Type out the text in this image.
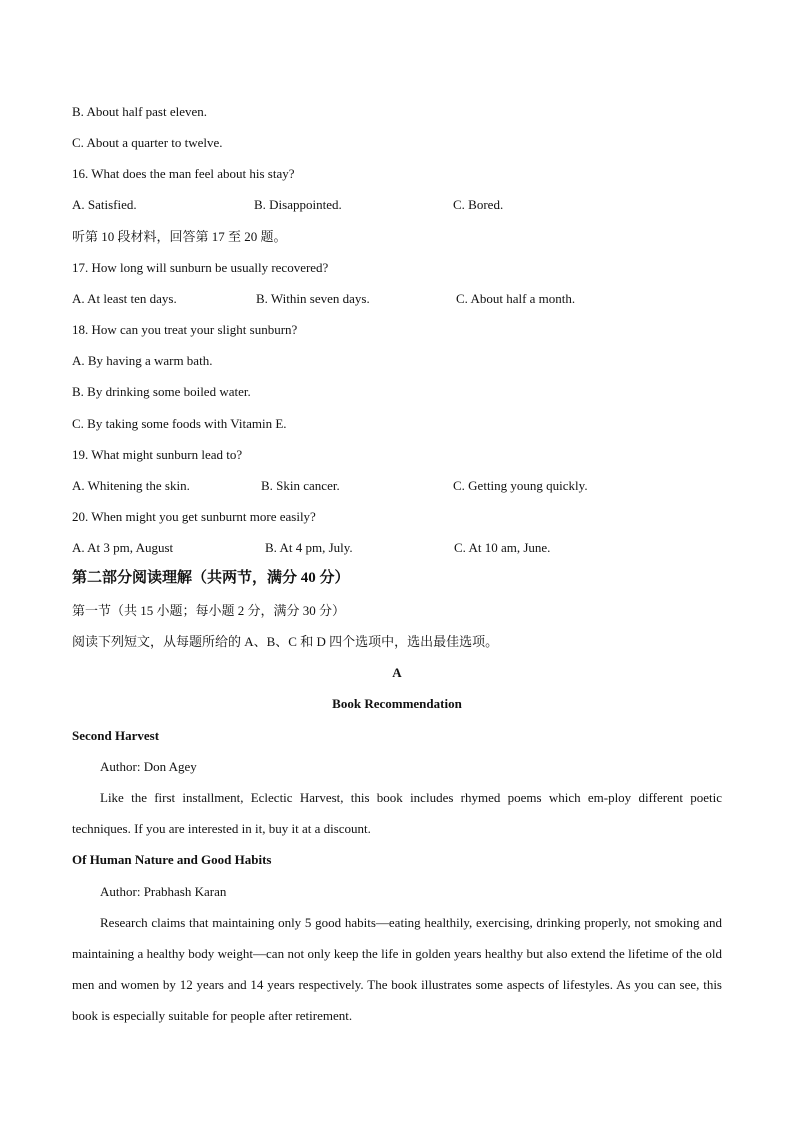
B. About half past eleven.
C. About a quarter to twelve.
16. What does the man feel about his stay?
A. Satisfied.	B. Disappointed.	C. Bored.
听第 10 段材料，回答第 17 至 20 题。
17. How long will sunburn be usually recovered?
A. At least ten days.	B. Within seven days.	C. About half a month.
18. How can you treat your slight sunburn?
A. By having a warm bath.
B. By drinking some boiled water.
C. By taking some foods with Vitamin E.
19. What might sunburn lead to?
A. Whitening the skin.	B. Skin cancer.	C. Getting young quickly.
20. When might you get sunburnt more easily?
A. At 3 pm, August	B. At 4 pm, July.	C. At 10 am, June.
第二部分阅读理解（共两节，满分 40 分）
第一节（共 15 小题；每小题 2 分，满分 30 分）
阅读下列短文，从每题所给的 A、B、C 和 D 四个选项中，选出最佳选项。
A
Book Recommendation
Second Harvest
Author: Don Agey
Like the first installment, Eclectic Harvest, this book includes rhymed poems which em-ploy different poetic techniques. If you are interested in it, buy it at a discount.
Of Human Nature and Good Habits
Author: Prabhash Karan
Research claims that maintaining only 5 good habits—eating healthily, exercising, drinking properly, not smoking and maintaining a healthy body weight—can not only keep the life in golden years healthy but also extend the lifetime of the old men and women by 12 years and 14 years respectively. The book illustrates some aspects of lifestyles. As you can see, this book is especially suitable for people after retirement.
